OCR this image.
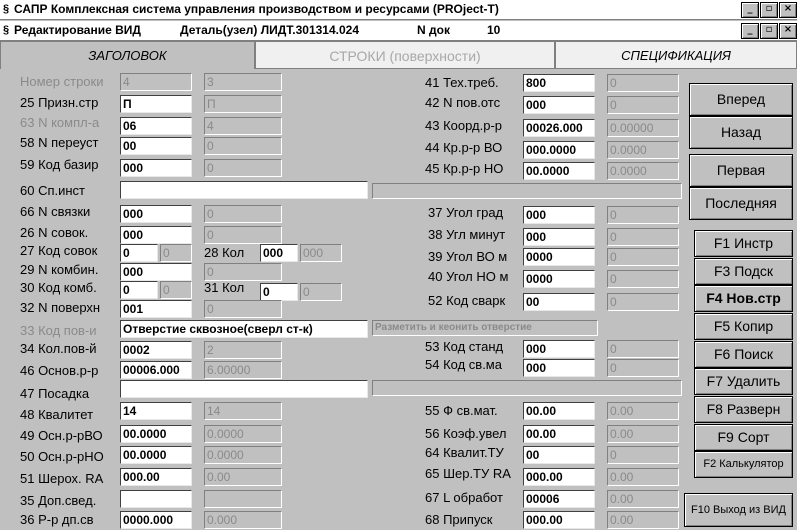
§ САПР Комплексная система управления производством и ресурсами (PROject-T)	_	▫	×
§ Редактирование ВИД	Деталь(узел) ЛИДТ.301314.024	N док	10	_	▫	×
ЗАГОЛОВОК	СТРОКИ (поверхности)	СПЕЦИФИКАЦИЯ
Номер строки 4	3
25 Призн.стр П	П
63 N компл-а 06	4
58 N переуст 00	0
59 Код базир 000	0
60 Сп.инст
66 N связки	000	0
26 N совок.	000	0
27 Код совок 0	0	28 Кол 000	000
29 N комбин. 000	0
30 Код комб. 0	0	31 Кол 0	0
32 N поверхн 001	0
33 Код пов-и Отверстие сквозное(сверл ст-к)	Разметить и кеонить отверстие
34 Кол.пов-й 0002	2
46 Основ.р-р 00006.000	6.00000
47 Посадка
48 Квалитет 14	14
49 Осн.р-рВО 00.0000	0.0000
50 Осн.р-рНО 00.0000	0.0000
51 Шерох. RA 000.00	0.00
35 Доп.свед.
36 Р-р дп.св 0000.000	0.000
41 Тех.треб. 800	0
42 N пов.отс 000	0
43 Коорд.р-р 00026.000	0.00000
44 Кр.р-р ВО 000.0000	0.0000
45 Кр.р-р НО 00.0000	0.0000
37 Угол град 000	0
38 Угл минут 000	0
39 Угол ВО м 0000	0
40 Угол НО м 0000	0
52 Код сварк 00	0
53 Код станд 000	0
54 Код св.ма 000	0
55 Ф св.мат. 00.00	0.00
56 Коэф.увел 00.00	0.00
64 Квалит.ТУ 00	0
65 Шер.ТУ RA 000.00	0.00
67 L обработ 00006	0.00
68 Припуск	000.00	0.00
Вперед
Назад
Первая
Последняя
F1 Инстр
F3 Подск
F4 Нов.стр
F5 Копир
F6 Поиск
F7 Удалить
F8 Разверн
F9 Сорт
F2 Калькулятор
F10 Выход из ВИД
